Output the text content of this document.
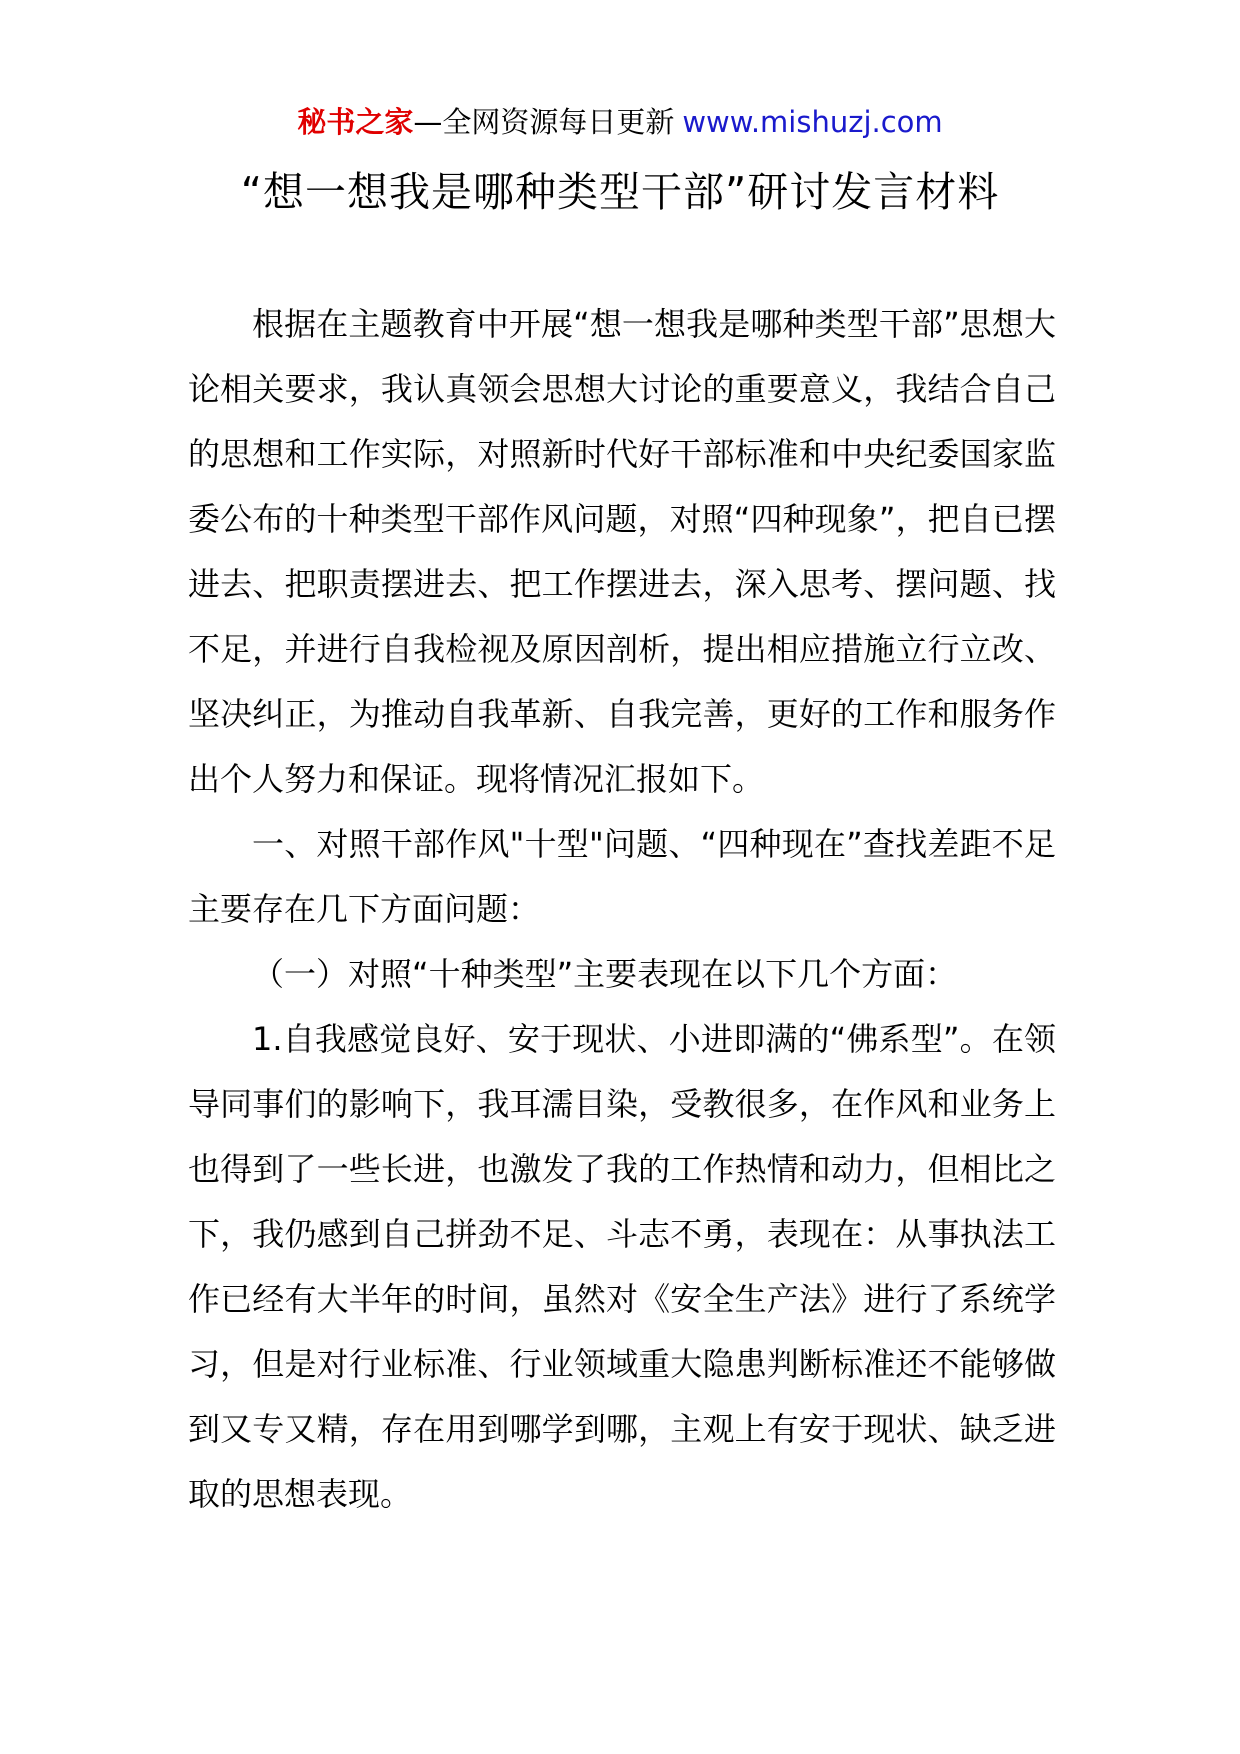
秘书之家—全网资源每日更新 www.mishuzj.com
“想一想我是哪种类型干部”研讨发言材料

根据在主题教育中开展“想一想我是哪种类型干部”思想大论相关要求，我认真领会思想大讨论的重要意义，我结合自己的思想和工作实际，对照新时代好干部标准和中央纪委国家监委公布的十种类型干部作风问题，对照“四种现象”，把自已摆进去、把职责摆进去、把工作摆进去，深入思考、摆问题、找不足，并进行自我检视及原因剖析，提出相应措施立行立改、坚决纠正，为推动自我革新、自我完善，更好的工作和服务作出个人努力和保证。现将情况汇报如下。

一、对照干部作风"十型"问题、“四种现在”查找差距不足主要存在几下方面问题：

（一）对照“十种类型”主要表现在以下几个方面：

1.自我感觉良好、安于现状、小进即满的“佛系型”。在领导同事们的影响下，我耳濡目染，受教很多，在作风和业务上也得到了一些长进，也激发了我的工作热情和动力，但相比之下，我仍感到自己拼劲不足、斗志不勇，表现在：从事执法工作已经有大半年的时间，虽然对《安全生产法》进行了系统学习，但是对行业标准、行业领域重大隐患判断标准还不能够做到又专又精，存在用到哪学到哪，主观上有安于现状、缺乏进取的思想表现。
